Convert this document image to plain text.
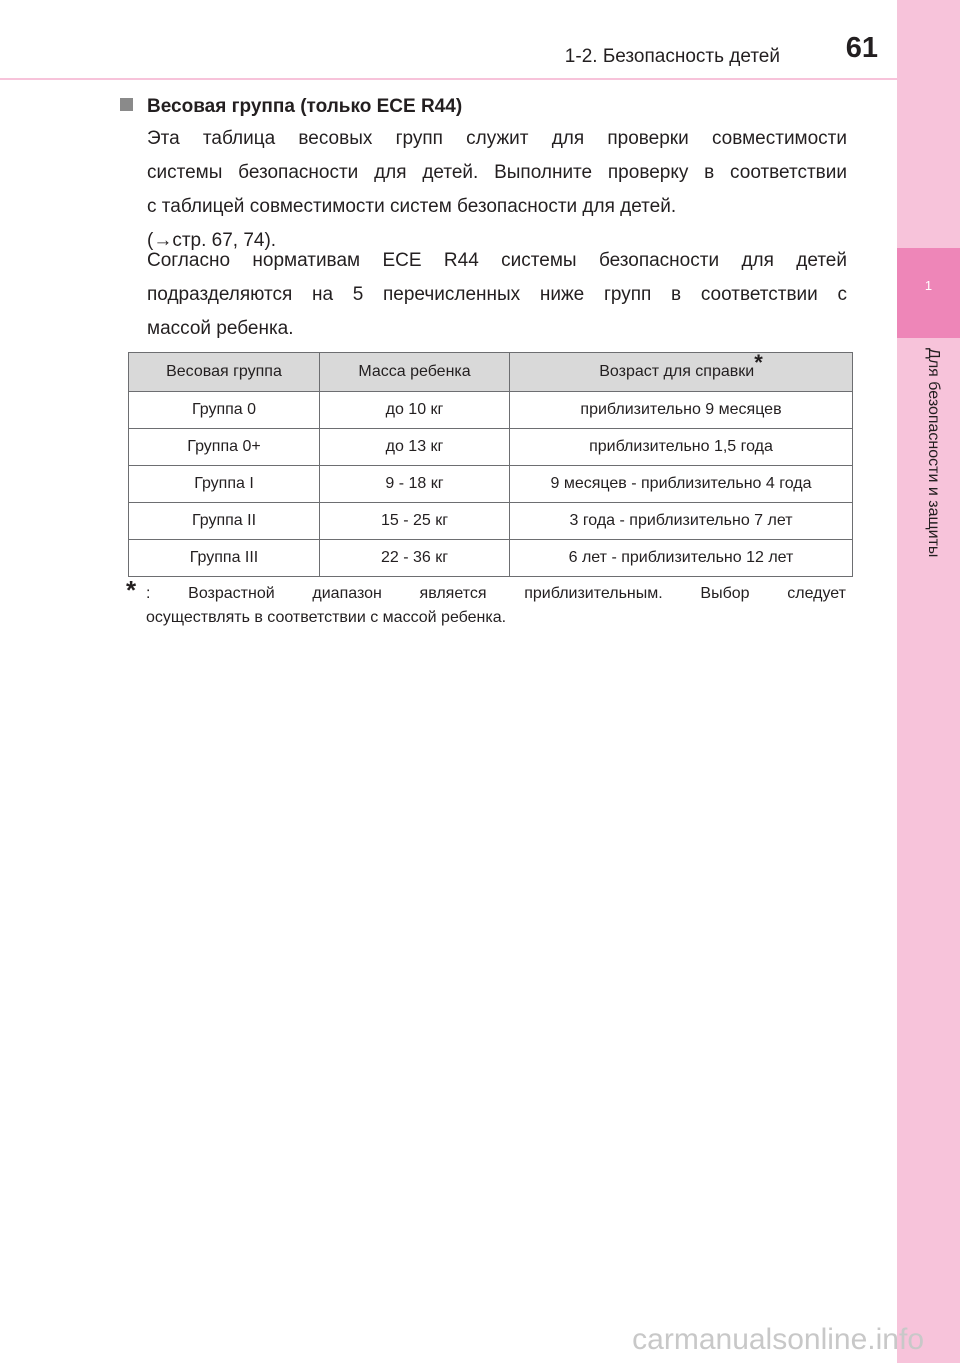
1
Для безопасности и защиты
1-2. Безопасность детей 61
Весовая группа (только ECE R44)

Эта таблица весовых групп служит для проверки совместимости
системы безопасности для детей. Выполните проверку в соответствии
с таблицей совместимости систем безопасности для детей.
(→стр. 67, 74).

Согласно нормативам ECE R44 системы безопасности для детей
подразделяются на 5 перечисленных ниже групп в соответствии с
массой ребенка.

Весовая группа	Масса ребенка	Возраст для справки*
Группа 0	до 10 кг	приблизительно 9 месяцев
Группа 0+	до 13 кг	приблизительно 1,5 года
Группа I	9 - 18 кг	9 месяцев - приблизительно 4 года
Группа II	15 - 25 кг	3 года - приблизительно 7 лет
Группа III	22 - 36 кг	6 лет - приблизительно 12 лет
* : Возрастной диапазон является приблизительным. Выбор следует
осуществлять в соответствии с массой ребенка.
carmanualsonline.info
